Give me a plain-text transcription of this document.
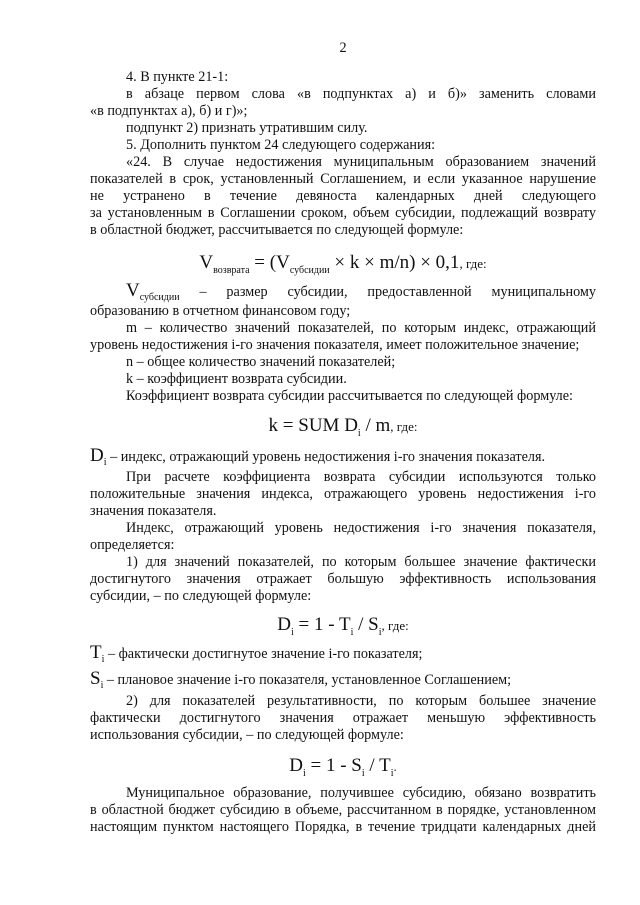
2
4. В пункте 21-1:
в абзаце первом слова «в подпунктах а) и б)» заменить словами
«в подпунктах а), б) и г)»;
подпункт 2) признать утратившим силу.
5. Дополнить пунктом 24 следующего содержания:
«24. В случае недостижения муниципальным образованием значений
показателей в срок, установленный Соглашением, и если указанное нарушение
не устранено в течение девяноста календарных дней следующего
за установленным в Соглашении сроком, объем субсидии, подлежащий возврату
в областной бюджет, рассчитывается по следующей формуле:
$V_{возврата} = (V_{субсидии} \times k \times m/n) \times 0,1$, где:
$V_{субсидии}$ – размер субсидии, предоставленной муниципальному
образованию в отчетном финансовом году;
m – количество значений показателей, по которым индекс, отражающий
уровень недостижения i-го значения показателя, имеет положительное значение;
n – общее количество значений показателей;
k – коэффициент возврата субсидии.
Коэффициент возврата субсидии рассчитывается по следующей формуле:
k = SUM $D_i$ / m, где:
$D_i$ – индекс, отражающий уровень недостижения i-го значения показателя.
При расчете коэффициента возврата субсидии используются только
положительные значения индекса, отражающего уровень недостижения i-го
значения показателя.
Индекс, отражающий уровень недостижения i-го значения показателя,
определяется:
1) для значений показателей, по которым большее значение фактически
достигнутого значения отражает большую эффективность использования
субсидии, – по следующей формуле:
$D_i = 1 - T_i / S_i$, где:
$T_i$ – фактически достигнутое значение i-го показателя;
$S_i$ – плановое значение i-го показателя, установленное Соглашением;
2) для показателей результативности, по которым большее значение
фактически достигнутого значения отражает меньшую эффективность
использования субсидии, – по следующей формуле:
$D_i = 1 - S_i / T_i$.
Муниципальное образование, получившее субсидию, обязано возвратить
в областной бюджет субсидию в объеме, рассчитанном в порядке, установленном
настоящим пунктом настоящего Порядка, в течение тридцати календарных дней
